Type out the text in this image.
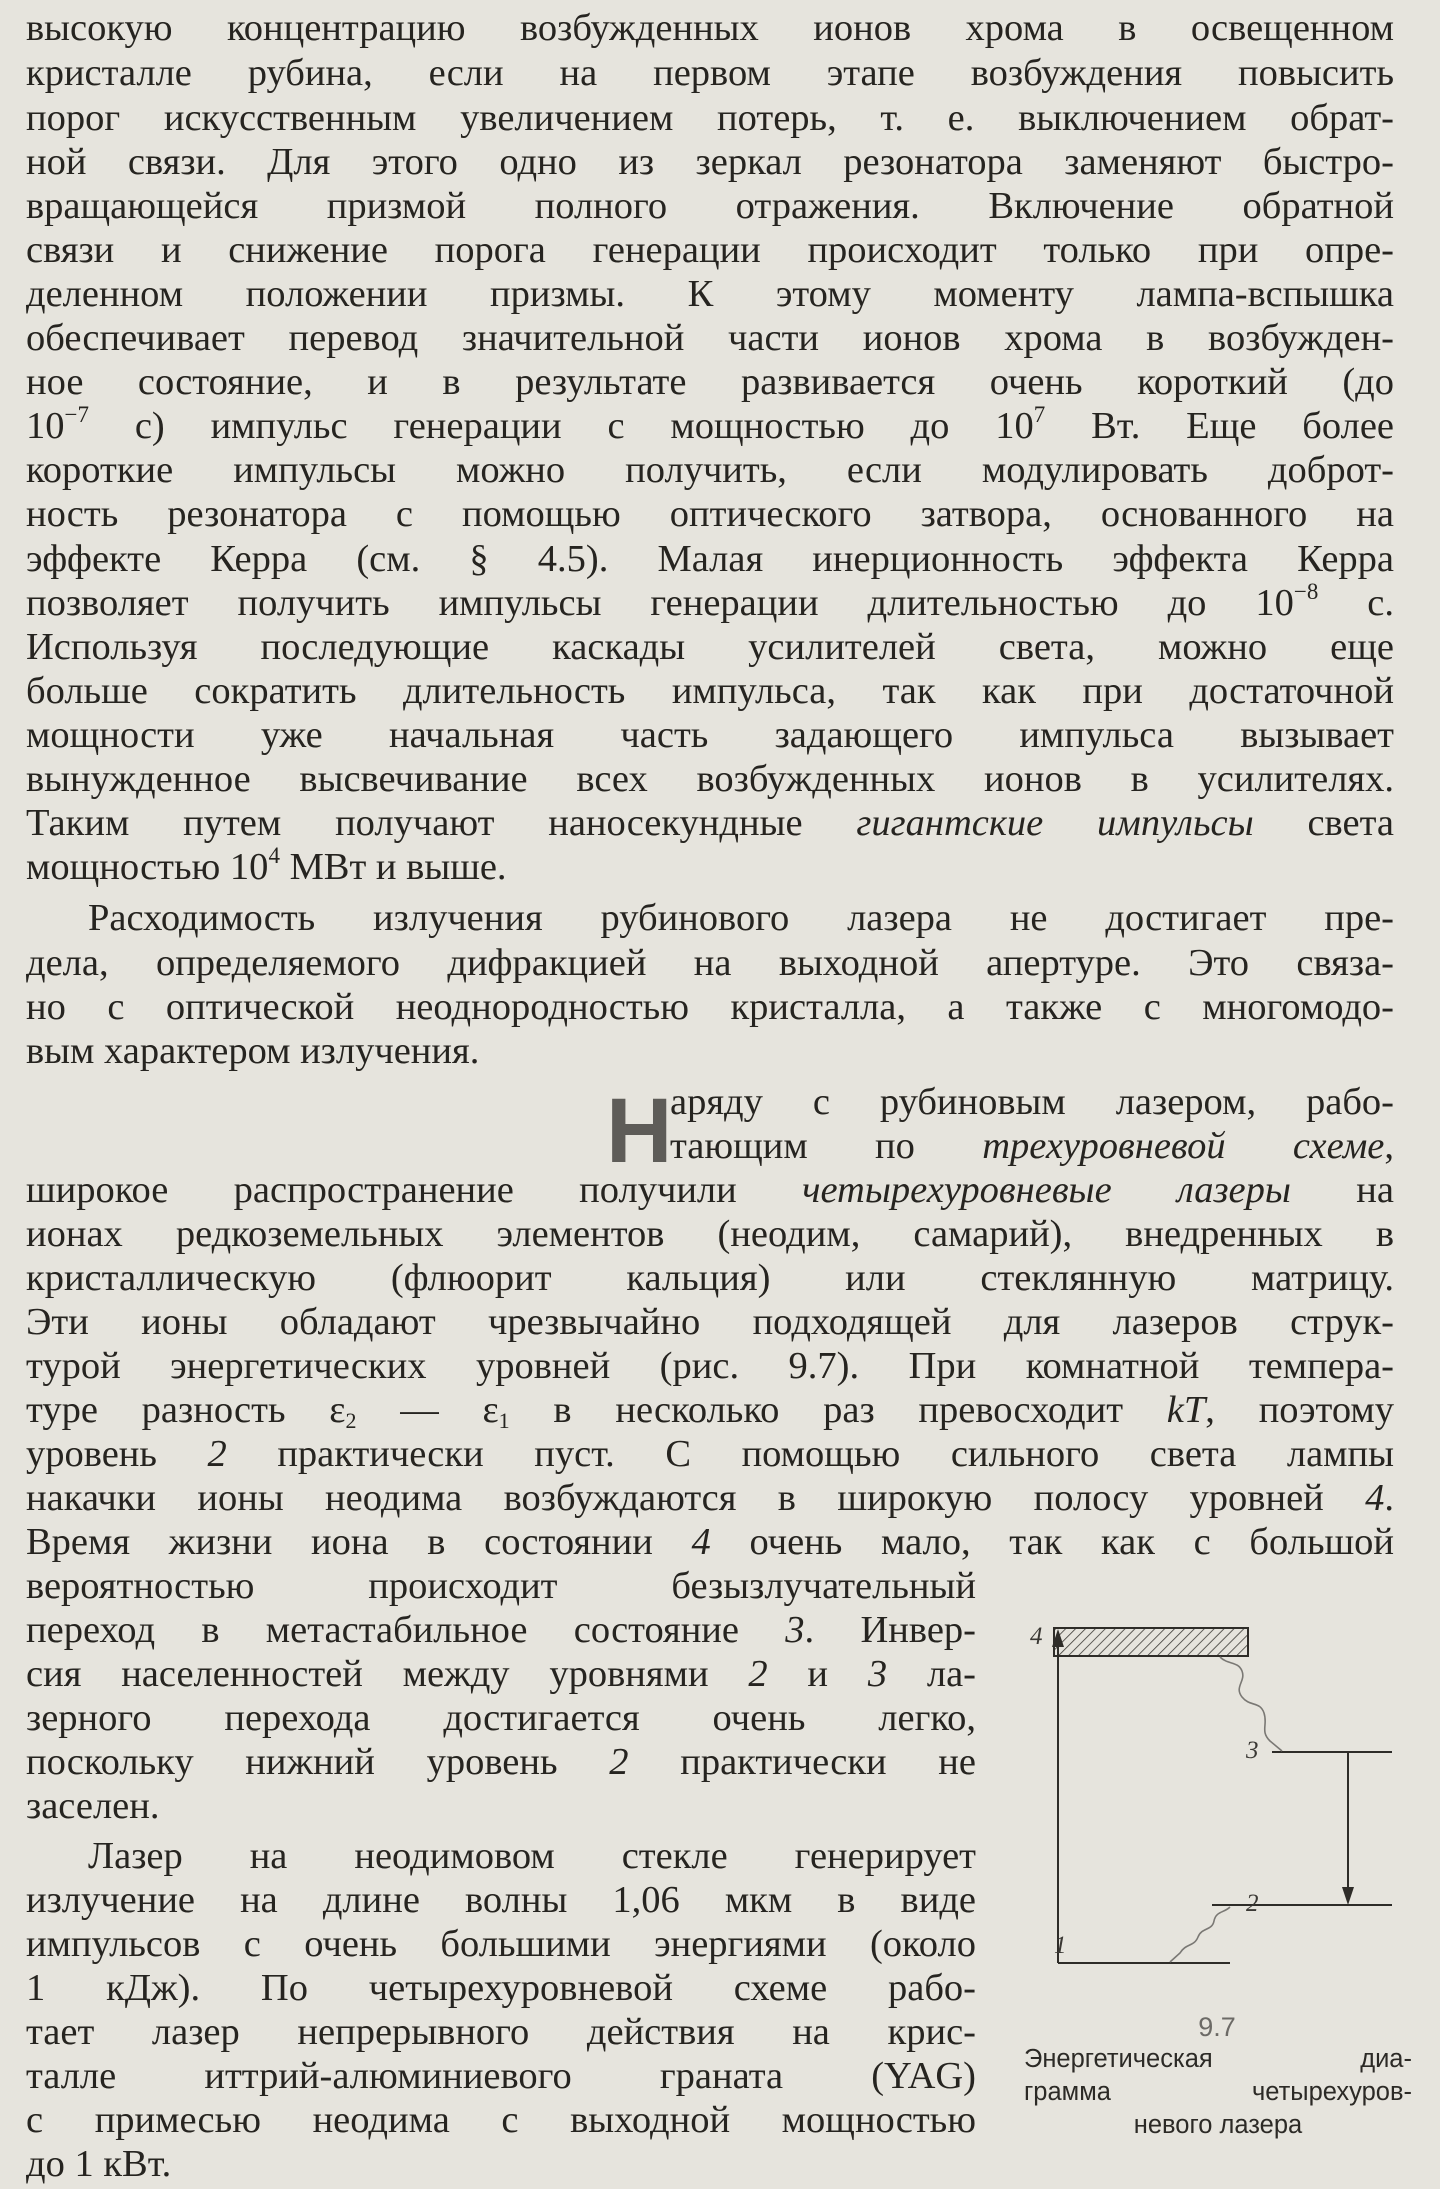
высокую концентрацию возбужденных ионов хрома в освещенном
кристалле рубина, если на первом этапе возбуждения повысить
порог искусственным увеличением потерь, т. е. выключением обрат-
ной связи. Для этого одно из зеркал резонатора заменяют быстро-
вращающейся призмой полного отражения. Включение обратной
связи и снижение порога генерации происходит только при опре-
деленном положении призмы. К этому моменту лампа-вспышка
обеспечивает перевод значительной части ионов хрома в возбужден-
ное состояние, и в результате развивается очень короткий (до
$10^{-7}$ с) импульс генерации с мощностью до $10^7$ Вт. Еще более
короткие импульсы можно получить, если модулировать доброт-
ность резонатора с помощью оптического затвора, основанного на
эффекте Керра (см. § 4.5). Малая инерционность эффекта Керра
позволяет получить импульсы генерации длительностью до $10^{-8}$ с.
Используя последующие каскады усилителей света, можно еще
больше сократить длительность импульса, так как при достаточной
мощности уже начальная часть задающего импульса вызывает
вынужденное высвечивание всех возбужденных ионов в усилителях.
Таким путем получают наносекундные гигантские импульсы света
мощностью $10^4$ МВт и выше.
Расходимость излучения рубинового лазера не достигает пре-
дела, определяемого дифракцией на выходной апертуре. Это связа-
но с оптической неоднородностью кристалла, а также с многомодо-
вым характером излучения.
Н
аряду с рубиновым лазером, рабо-
тающим по трехуровневой схеме,
широкое распространение получили четырехуровневые лазеры на
ионах редкоземельных элементов (неодим, самарий), внедренных в
кристаллическую (флюорит кальция) или стеклянную матрицу.
Эти ионы обладают чрезвычайно подходящей для лазеров струк-
турой энергетических уровней (рис. 9.7). При комнатной темпера-
туре разность $\varepsilon_2$ — $\varepsilon_1$ в несколько раз превосходит kT, поэтому
уровень 2 практически пуст. С помощью сильного света лампы
накачки ионы неодима возбуждаются в широкую полосу уровней 4.
Время жизни иона в состоянии 4 очень мало, так как с большой
вероятностью происходит безызлучательный
переход в метастабильное состояние 3. Инвер-
сия населенностей между уровнями 2 и 3 ла-
зерного перехода достигается очень легко,
поскольку нижний уровень 2 практически не
заселен.
Лазер на неодимовом стекле генерирует
излучение на длине волны 1,06 мкм в виде
импульсов с очень большими энергиями (около
1 кДж). По четырехуровневой схеме рабо-
тает лазер непрерывного действия на крис-
талле иттрий-алюминиевого граната (YAG)
с примесью неодима с выходной мощностью
до 1 кВт.
4
3
2
1
9.7
Энергетическая диа-
грамма четырехуров-
невого лазера
